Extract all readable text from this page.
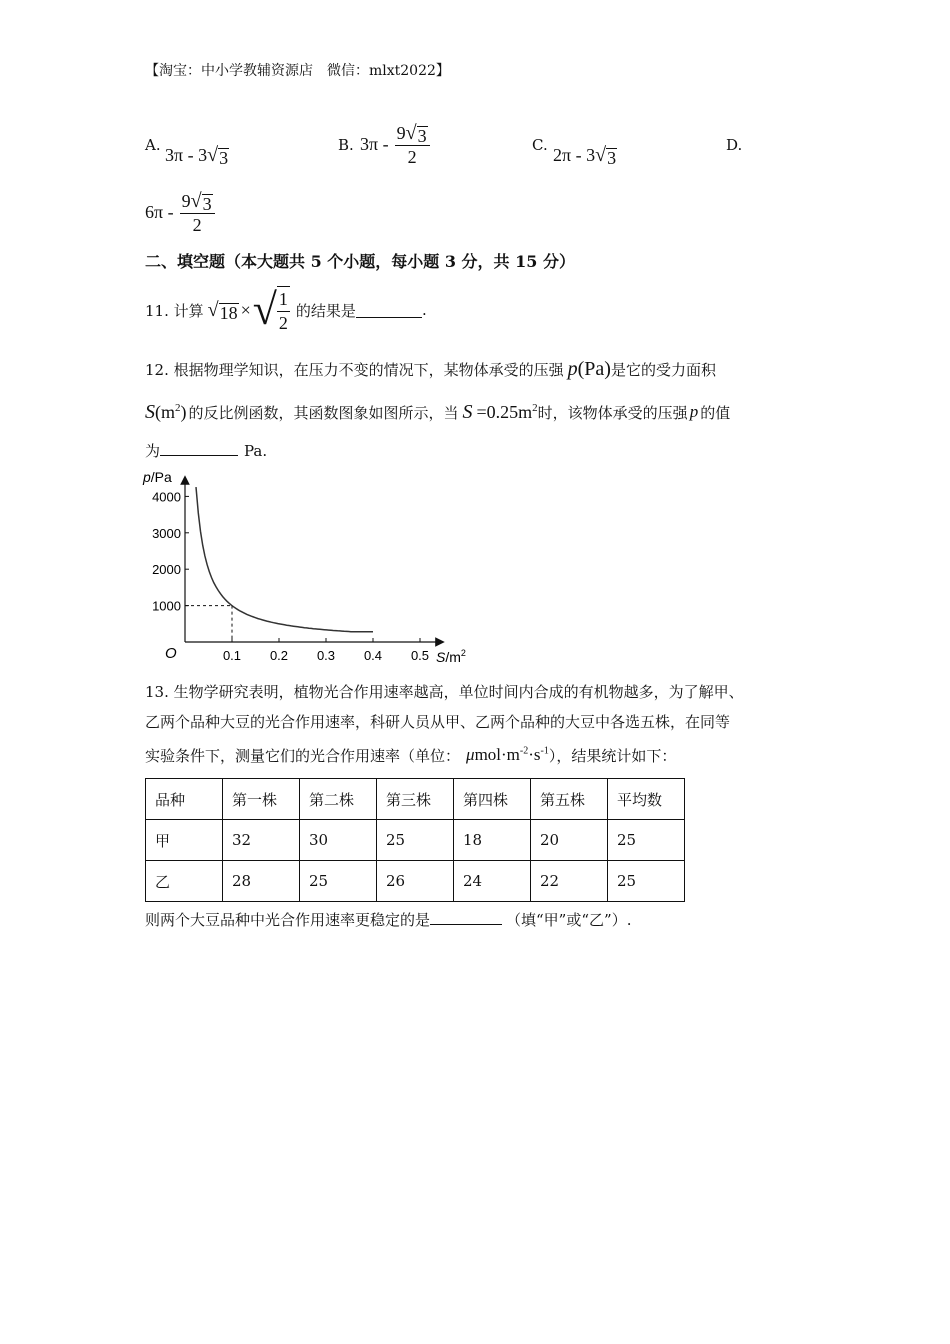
【淘宝：中小学教辅资源店　微信：mlxt2022】
A. 3π - 3 √ 3
B. $3\pi - \frac{9 √ 3}{2}$	C. 2π - 3 √ 3
D.
$6\pi - \frac{9 √ 3}{2}$
二、填空题（本大题共 5 个小题，每小题 3 分，共 15 分）
11. 计算 √ 18 × √ $\frac{1}{2}$ 的结果是	.
12. 根据物理学知识，在压力不变的情况下，某物体承受的压强 p (Pa) 是它的受力面积
S $(m^2)$ 的反比例函数，其函数图象如图所示，当 $S =0.25m^2$ 时，该物体承受的压强 p 的值
为	Pa.
p/Pa
$S/m^2$
O	0.1 0.2 0.3 0.4 0.5
1000
2000
3000
4000
13. 生物学研究表明，植物光合作用速率越高，单位时间内合成的有机物越多，为了解甲、
乙两个品种大豆的光合作用速率，科研人员从甲、乙两个品种的大豆中各选五株，在同等
实验条件下，测量它们的光合作用速率（单位： $\mu mol\cdot m^{-2}\cdot s^{-1}$ ），结果统计如下：
品种	第一株	第二株	第三株	第四株	第五株	平均数
甲	32	30	25	18	20	25
乙	28	25	26	24	22	25
则两个大豆品种中光合作用速率更稳定的是	（填“甲”或“乙”）.
